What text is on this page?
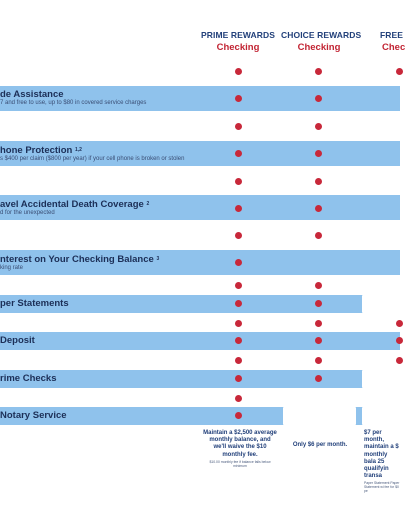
PRIME REWARDS
Checking
CHOICE REWARDS
Checking
FREE
Chec
de Assistance
7 and free to use, up to $80 in covered service charges
hone Protection $^{1,2}$
s $400 per claim ($800 per year) if your cell phone is broken or stolen
avel Accidental Death Coverage $^2$
d for the unexpected
nterest on Your Checking Balance $^3$
king rate
per Statements
Deposit
rime Checks
Notary Service
Maintain a $2,500 average monthly balance, and we'll waive the $10 monthly fee.
$10.00 monthly fee if balance falls below minimum
Only $6 per month.
$7 per month, maintain a $ monthly bala 25 qualifyin transa
Paper Statement Paper Statement wi fee for $0 pe
